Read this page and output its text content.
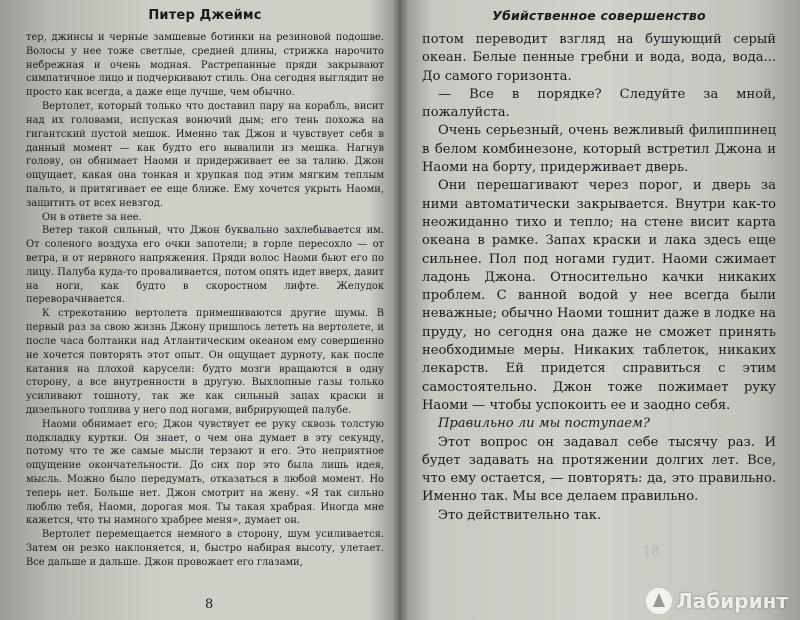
Питер Джеймс

тер, джинсы и черные замшевые ботинки на резиновой подошве. Волосы у нее тоже светлые, средней длины, стрижка нарочито небрежная и очень модная. Растрепанные пряди закрывают симпатичное лицо и подчеркивают стиль. Она сегодня выглядит не просто как всегда, а даже еще лучше, чем обычно.

Вертолет, который только что доставил пару на корабль, висит над их головами, испуская вонючий дым; его тень похожа на гигантский пустой мешок. Именно так Джон и чувствует себя в данный момент — как будто его вывалили из мешка. Нагнув голову, он обнимает Наоми и придерживает ее за талию. Джон ощущает, какая она тонкая и хрупкая под этим мягким теплым пальто, и притягивает ее еще ближе. Ему хочется укрыть Наоми, защитить от всех невзгод.

Он в ответе за нее.

Ветер такой сильный, что Джон буквально захлебывается им. От соленого воздуха его очки запотели; в горле пересохло — от ветра, и от нервного напряжения. Пряди волос Наоми бьют его по лицу. Палуба куда-то проваливается, потом опять идет вверх, давит на ноги, как будто в скоростном лифте. Желудок переворачивается.

К стрекотанию вертолета примешиваются другие шумы. В первый раз за свою жизнь Джону пришлось лететь на вертолете, и после часа болтанки над Атлантическим океаном ему совершенно не хочется повторять этот опыт. Он ощущает дурноту, как после катания на плохой карусели: будто мозги вращаются в одну сторону, а все внутренности в другую. Выхлопные газы только усиливают тошноту, так же как сильный запах краски и дизельного топлива у него под ногами, вибрирующей палубе.

Наоми обнимает его; Джон чувствует ее руку сквозь толстую подкладку куртки. Он знает, о чем она думает в эту секунду, потому что те же самые мысли терзают и его. Это неприятное ощущение окончательности. До сих пор это была лишь идея, мысль. Можно было передумать, отказаться в любой момент. Но теперь нет. Больше нет. Джон смотрит на жену. «Я так сильно люблю тебя, Наоми, дорогая моя. Ты такая храбрая. Иногда мне кажется, что ты намного храбрее меня», думает он.

Вертолет перемещается немного в сторону, шум усиливается. Затем он резко наклоняется, и, быстро набирая высоту, улетает. Все дальше и дальше. Джон провожает его глазами,

8
Убийственное совершенство

потом переводит взгляд на бушующий серый океан. Белые пенные гребни и вода, вода, вода... До самого горизонта.

— Все в порядке? Следуйте за мной, пожалуйста.

Очень серьезный, очень вежливый филиппинец в белом комбинезоне, который встретил Джона и Наоми на борту, придерживает дверь.

Они перешагивают через порог, и дверь за ними автоматически закрывается. Внутри как-то неожиданно тихо и тепло; на стене висит карта океана в рамке. Запах краски и лака здесь еще сильнее. Пол под ногами гудит. Наоми сжимает ладонь Джона. Относительно качки никаких проблем. С ванной водой у нее всегда были неважные; обычно Наоми тошнит даже в лодке на пруду, но сегодня она даже не сможет принять необходимые меры. Никаких таблеток, никаких лекарств. Ей придется справиться с этим самостоятельно. Джон тоже пожимает руку Наоми — чтобы успокоить ее и заодно себя.

Правильно ли мы поступаем?

Этот вопрос он задавал себе тысячу раз. И будет задавать на протяжении долгих лет. Все, что ему остается, — повторять: да, это правильно. Именно так. Мы все делаем правильно.

Это действительно так.

18
Лабиринт
